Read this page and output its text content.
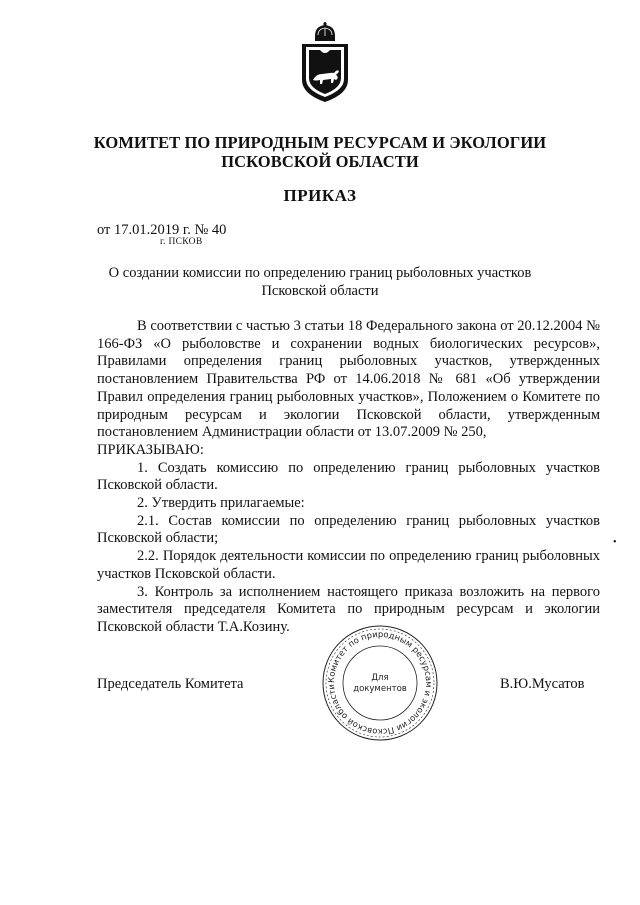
КОМИТЕТ ПО ПРИРОДНЫМ РЕСУРСАМ И ЭКОЛОГИИ
ПСКОВСКОЙ ОБЛАСТИ
ПРИКАЗ
от 17.01.2019 г. № 40
г. ПСКОВ
О создании комиссии по определению границ рыболовных участков
Псковской области

В соответствии с частью 3 статьи 18 Федерального закона от 20.12.2004 № 166-ФЗ «О рыболовстве и сохранении водных биологических ресурсов», Правилами определения границ рыболовных участков, утвержденных постановлением Правительства РФ от 14.06.2018 № 681 «Об утверждении Правил определения границ рыболовных участков», Положением о Комитете по природным ресурсам и экологии Псковской области, утвержденным постановлением Администрации области от 13.07.2009 № 250,

ПРИКАЗЫВАЮ:

1. Создать комиссию по определению границ рыболовных участков Псковской области.

2. Утвердить прилагаемые:

2.1. Состав комиссии по определению границ рыболовных участков Псковской области;

2.2. Порядок деятельности комиссии по определению границ рыболовных участков Псковской области.

3. Контроль за исполнением настоящего приказа возложить на первого заместителя председателя Комитета по природным ресурсам и экологии Псковской области Т.А.Козину.

Председатель Комитета	В.Ю.Мусатов
Комитет по природным ресурсам и экологии Псковской области
Для
документов
•
